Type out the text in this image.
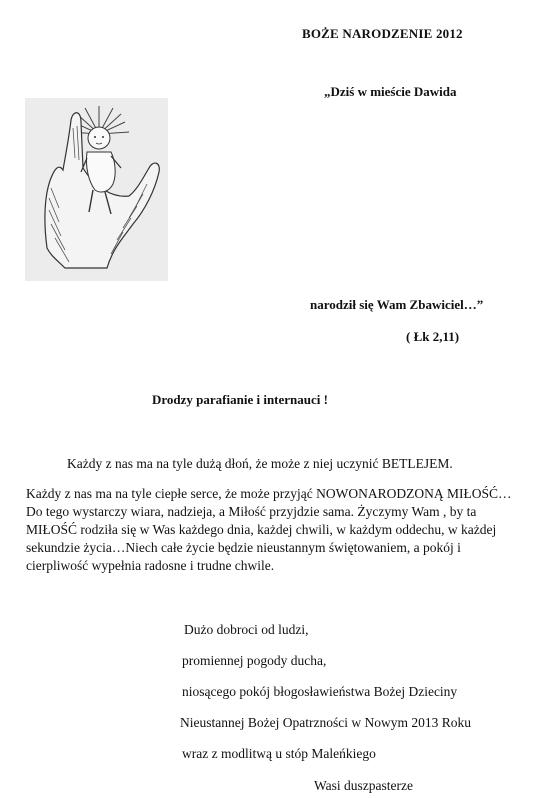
BOŻE NARODZENIE 2012
„Dziś w mieście Dawida
narodził się Wam Zbawiciel…”
( Łk 2,11)
Drodzy parafianie i internauci !
Każdy z nas ma na tyle dużą dłoń, że może z niej uczynić BETLEJEM.
Każdy z nas ma na tyle ciepłe serce, że może przyjąć NOWONARODZONĄ MIŁOŚĆ…Do tego wystarczy wiara, nadzieja, a Miłość przyjdzie sama. Życzymy Wam , by ta MIŁOŚĆ rodziła się w Was każdego dnia, każdej chwili, w każdym oddechu, w każdej sekundzie życia…Niech całe życie będzie nieustannym świętowaniem, a pokój i cierpliwość wypełnia radosne i trudne chwile.
Dużo dobroci od ludzi,
promiennej pogody ducha,
niosącego pokój błogosławieństwa Bożej Dzieciny
Nieustannej Bożej Opatrzności w Nowym 2013 Roku
wraz z modlitwą u stóp Maleńkiego
Wasi duszpasterze
